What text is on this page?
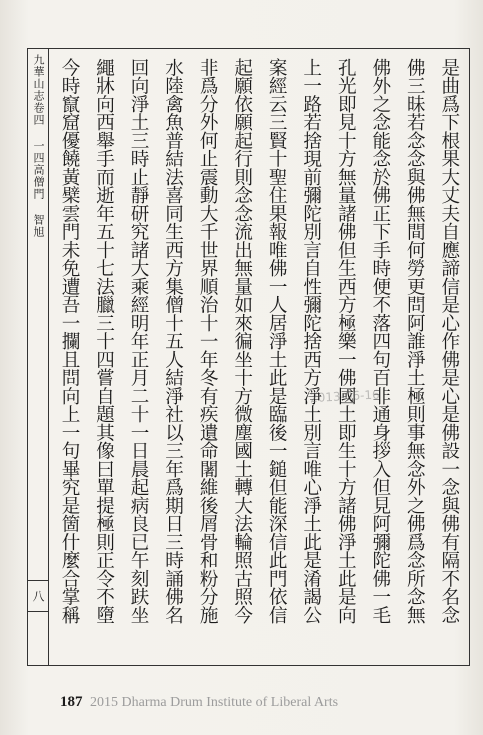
九華山志卷四 一四高僧門 智旭
八	是曲爲下根果大丈夫自應諦信是心作佛是心是佛設一念與佛有隔不名念
佛三昧若念念與佛無間何勞更問阿誰淨土極則事無念外之佛爲念所念無
佛外之念能念於佛正下手時便不落四句百非通身拶入但見阿彌陀佛一毛
孔光即見十方無量諸佛但生西方極樂一佛國土即生十方諸佛淨土此是向
上一路若捨現前彌陀別言自性彌陀捨西方淨土別言唯心淨土此是淆謁公
案經云三賢十聖住果報唯佛一人居淨土此是臨後一鎚但能深信此門依信
起願依願起行則念念流出無量如來徧坐十方微塵國土轉大法輪照古照今
非爲分外何止震動大千世界順治十一年冬有疾遺命闍維後屑骨和粉分施
水陸禽魚普結法喜同生西方集僧十五人結淨社以三年爲期日三時誦佛名
回向淨土三時止靜研究諸大乘經明年正月二十一日晨起病良已午刻趺坐
繩牀向西舉手而逝年五十七法臘三十四嘗自題其像曰單提極則正令不墮
今時竄窟優饒黃檗雲門未免遭吾一攔且問向上一句畢究是箇什麼合掌稱	2013-06-16
187 2015 Dharma Drum Institute of Liberal Arts
